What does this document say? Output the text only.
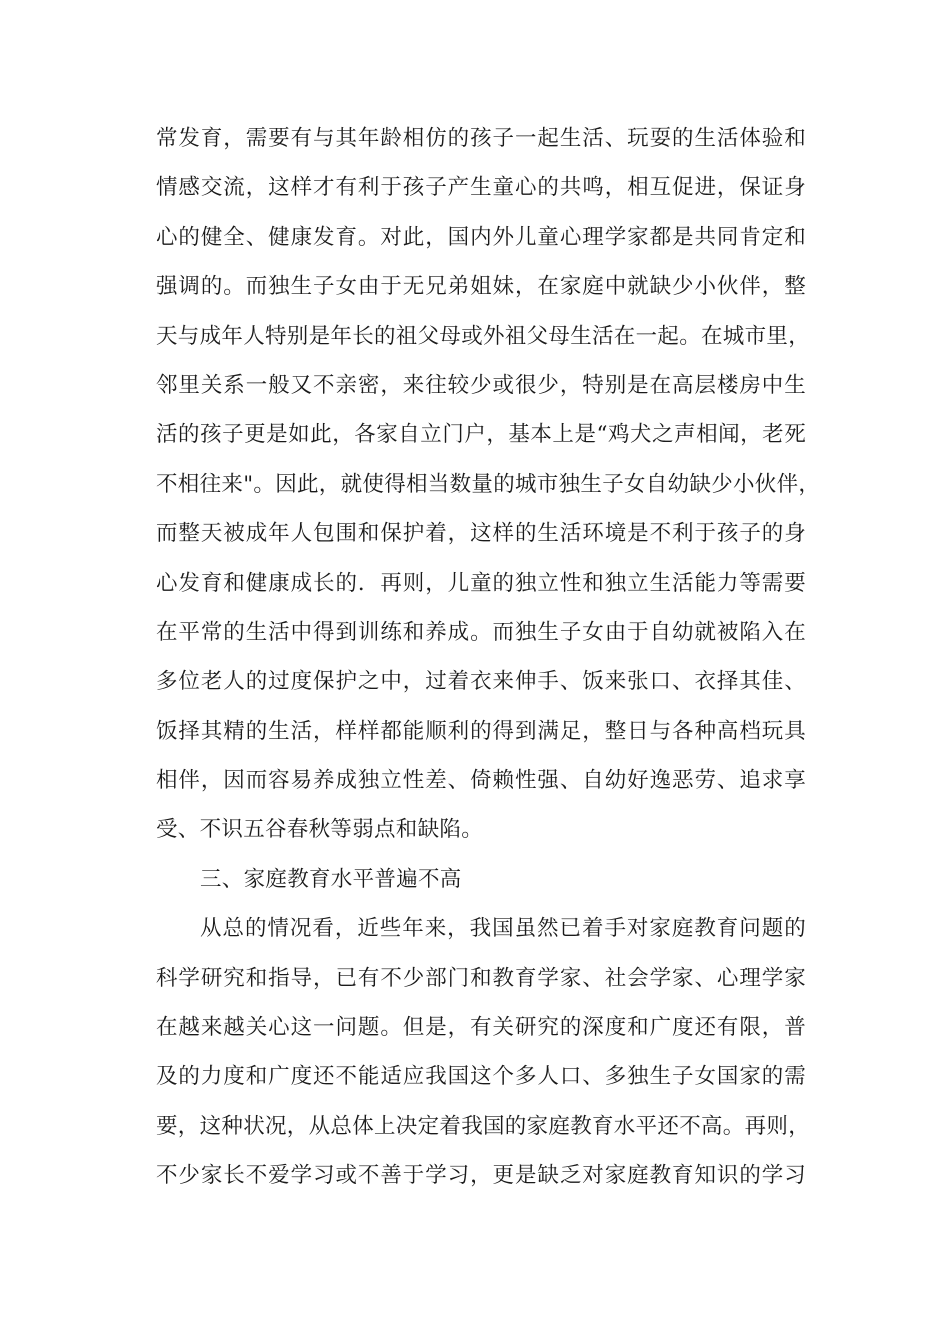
常发育，需要有与其年龄相仿的孩子一起生活、玩耍的生活体验和
情感交流，这样才有利于孩子产生童心的共鸣，相互促进，保证身
心的健全、健康发育。对此，国内外儿童心理学家都是共同肯定和
强调的。而独生子女由于无兄弟姐妹，在家庭中就缺少小伙伴，整
天与成年人特别是年长的祖父母或外祖父母生活在一起。在城市里，
邻里关系一般又不亲密，来往较少或很少，特别是在高层楼房中生
活的孩子更是如此，各家自立门户，基本上是“鸡犬之声相闻，老死
不相往来"。因此，就使得相当数量的城市独生子女自幼缺少小伙伴，
而整天被成年人包围和保护着，这样的生活环境是不利于孩子的身
心发育和健康成长的．再则，儿童的独立性和独立生活能力等需要
在平常的生活中得到训练和养成。而独生子女由于自幼就被陷入在
多位老人的过度保护之中，过着衣来伸手、饭来张口、衣择其佳、
饭择其精的生活，样样都能顺利的得到满足，整日与各种高档玩具
相伴，因而容易养成独立性差、倚赖性强、自幼好逸恶劳、追求享
受、不识五谷春秋等弱点和缺陷。
三、家庭教育水平普遍不高
从总的情况看，近些年来，我国虽然已着手对家庭教育问题的
科学研究和指导，已有不少部门和教育学家、社会学家、心理学家
在越来越关心这一问题。但是，有关研究的深度和广度还有限，普
及的力度和广度还不能适应我国这个多人口、多独生子女国家的需
要，这种状况，从总体上决定着我国的家庭教育水平还不高。再则，
不少家长不爱学习或不善于学习，更是缺乏对家庭教育知识的学习
